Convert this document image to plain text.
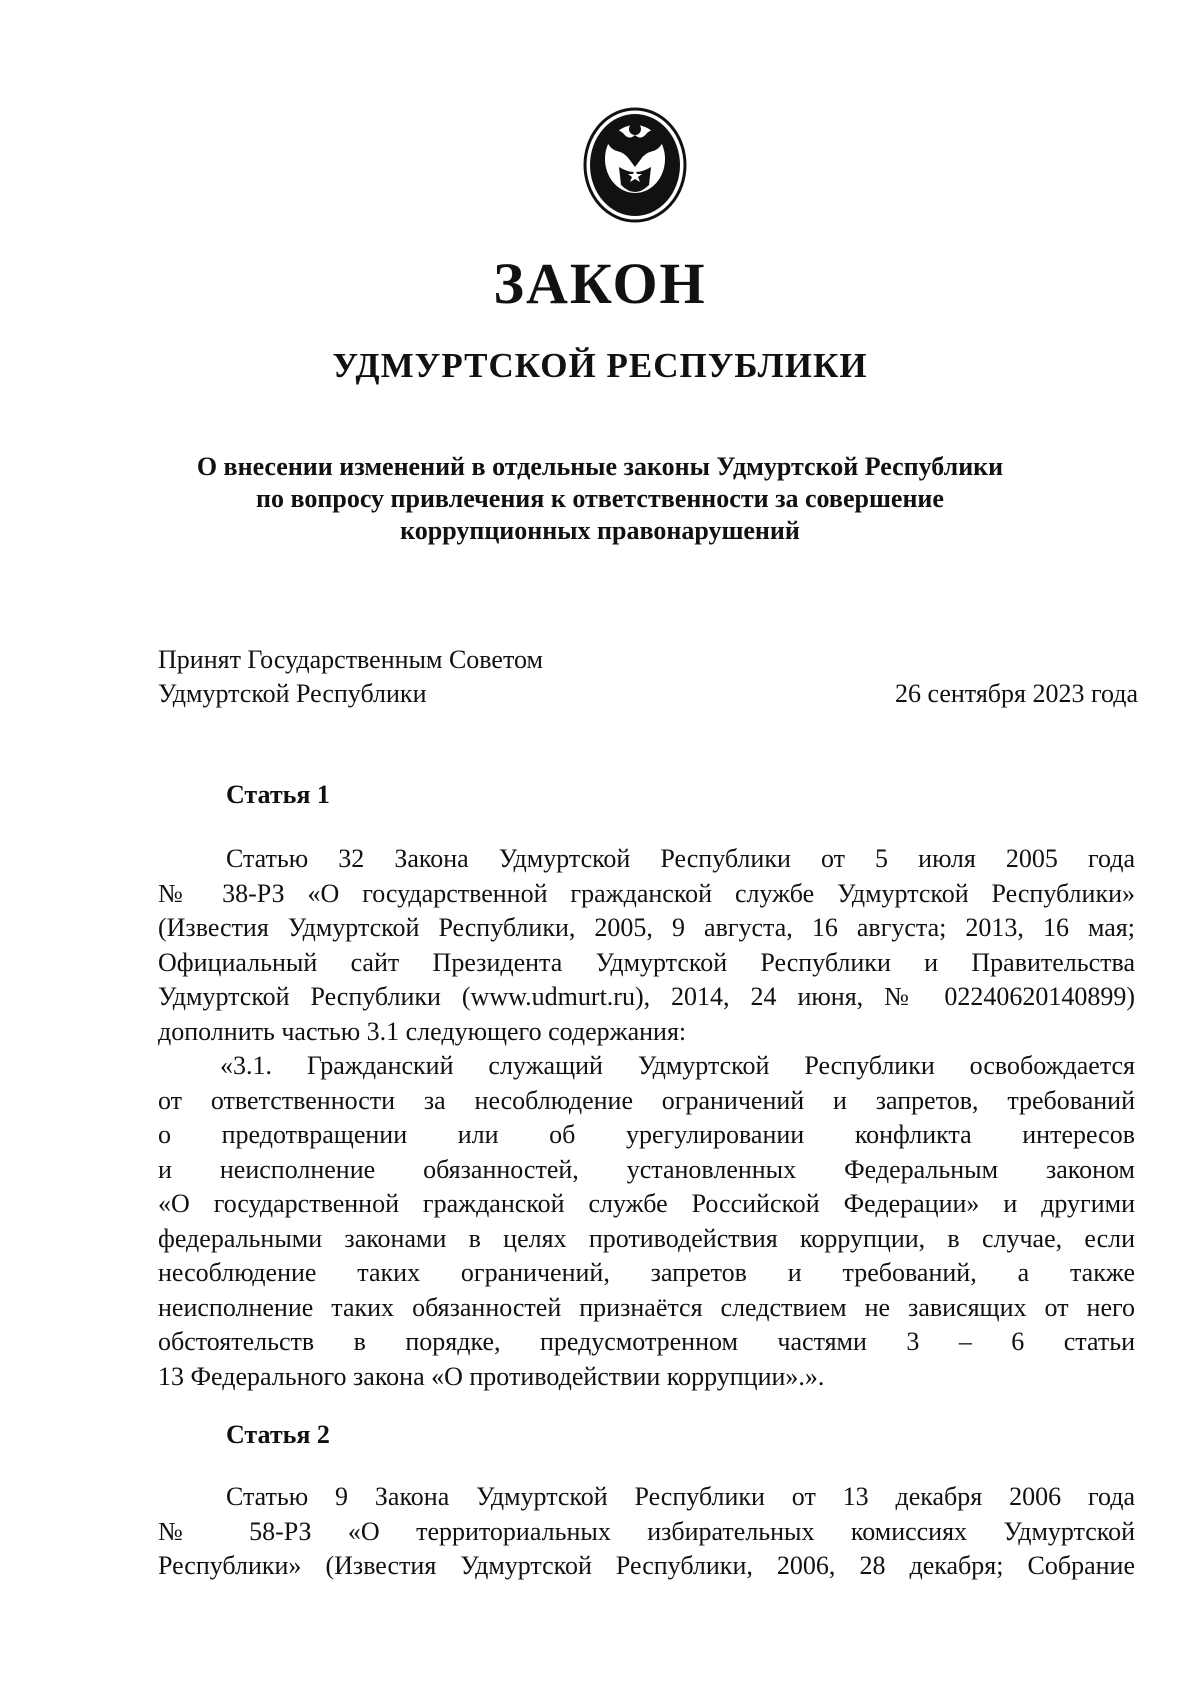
ЗАКОН
УДМУРТСКОЙ РЕСПУБЛИКИ
О внесении изменений в отдельные законы Удмуртской Республики
по вопросу привлечения к ответственности за совершение
коррупционных правонарушений
Принят Государственным Советом
Удмуртской Республики	26 сентября 2023 года
Статья 1
Статью 32 Закона Удмуртской Республики от 5 июля 2005 года
№ 38-РЗ «О государственной гражданской службе Удмуртской Республики»
(Известия Удмуртской Республики, 2005, 9 августа, 16 августа; 2013, 16 мая;
Официальный сайт Президента Удмуртской Республики и Правительства
Удмуртской Республики (www.udmurt.ru), 2014, 24 июня, № 02240620140899)
дополнить частью 3.1 следующего содержания:
«3.1. Гражданский служащий Удмуртской Республики освобождается
от ответственности за несоблюдение ограничений и запретов, требований
о предотвращении или об урегулировании конфликта интересов
и неисполнение обязанностей, установленных Федеральным законом
«О государственной гражданской службе Российской Федерации» и другими
федеральными законами в целях противодействия коррупции, в случае, если
несоблюдение таких ограничений, запретов и требований, а также
неисполнение таких обязанностей признаётся следствием не зависящих от него
обстоятельств в порядке, предусмотренном частями 3 – 6 статьи
13 Федерального закона «О противодействии коррупции».».
Статья 2
Статью 9 Закона Удмуртской Республики от 13 декабря 2006 года
№ 58-РЗ «О территориальных избирательных комиссиях Удмуртской
Республики» (Известия Удмуртской Республики, 2006, 28 декабря; Собрание
